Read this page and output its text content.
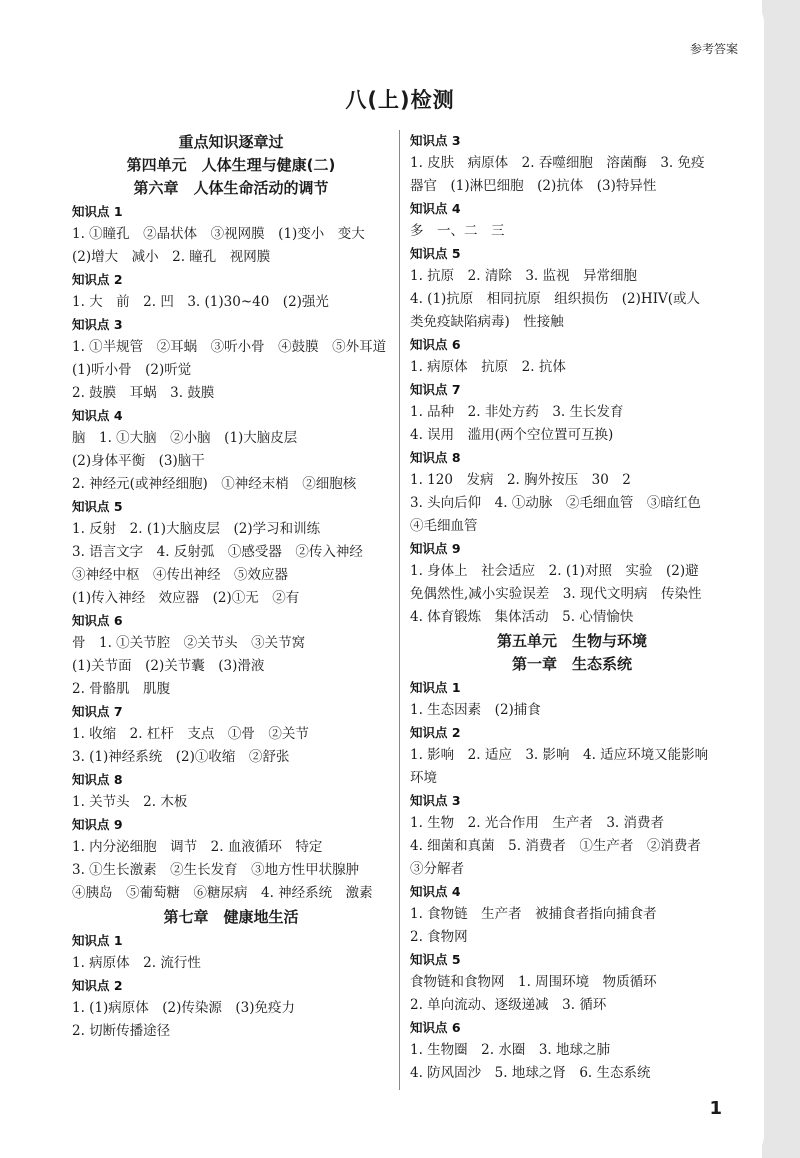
参考答案
八(上)检测
重点知识逐章过
第四单元　人体生理与健康(二)
第六章　人体生命活动的调节
知识点 1
1. ①瞳孔　②晶状体　③视网膜　(1)变小　变大
(2)增大　减小　2. 瞳孔　视网膜
知识点 2
1. 大　前　2. 凹　3. (1)30~40　(2)强光
知识点 3
1. ①半规管　②耳蜗　③听小骨　④鼓膜　⑤外耳道
(1)听小骨　(2)听觉
2. 鼓膜　耳蜗　3. 鼓膜
知识点 4
脑　1. ①大脑　②小脑　(1)大脑皮层
(2)身体平衡　(3)脑干
2. 神经元(或神经细胞)　①神经末梢　②细胞核
知识点 5
1. 反射　2. (1)大脑皮层　(2)学习和训练
3. 语言文字　4. 反射弧　①感受器　②传入神经
③神经中枢　④传出神经　⑤效应器
(1)传入神经　效应器　(2)①无　②有
知识点 6
骨　1. ①关节腔　②关节头　③关节窝
(1)关节面　(2)关节囊　(3)滑液
2. 骨骼肌　肌腹
知识点 7
1. 收缩　2. 杠杆　支点　①骨　②关节
3. (1)神经系统　(2)①收缩　②舒张
知识点 8
1. 关节头　2. 木板
知识点 9
1. 内分泌细胞　调节　2. 血液循环　特定
3. ①生长激素　②生长发育　③地方性甲状腺肿
④胰岛　⑤葡萄糖　⑥糖尿病　4. 神经系统　激素
第七章　健康地生活
知识点 1
1. 病原体　2. 流行性
知识点 2
1. (1)病原体　(2)传染源　(3)免疫力
2. 切断传播途径
知识点 3
1. 皮肤　病原体　2. 吞噬细胞　溶菌酶　3. 免疫
器官　(1)淋巴细胞　(2)抗体　(3)特异性
知识点 4
多　一、二　三
知识点 5
1. 抗原　2. 清除　3. 监视　异常细胞
4. (1)抗原　相同抗原　组织损伤　(2)HIV(或人
类免疫缺陷病毒)　性接触
知识点 6
1. 病原体　抗原　2. 抗体
知识点 7
1. 品种　2. 非处方药　3. 生长发育
4. 误用　滥用(两个空位置可互换)
知识点 8
1. 120　发病　2. 胸外按压　30　2
3. 头向后仰　4. ①动脉　②毛细血管　③暗红色
④毛细血管
知识点 9
1. 身体上　社会适应　2. (1)对照　实验　(2)避
免偶然性,减小实验误差　3. 现代文明病　传染性
4. 体育锻炼　集体活动　5. 心情愉快
第五单元　生物与环境
第一章　生态系统
知识点 1
1. 生态因素　(2)捕食
知识点 2
1. 影响　2. 适应　3. 影响　4. 适应环境又能影响
环境
知识点 3
1. 生物　2. 光合作用　生产者　3. 消费者
4. 细菌和真菌　5. 消费者　①生产者　②消费者
③分解者
知识点 4
1. 食物链　生产者　被捕食者指向捕食者
2. 食物网
知识点 5
食物链和食物网　1. 周围环境　物质循环
2. 单向流动、逐级递减　3. 循环
知识点 6
1. 生物圈　2. 水圈　3. 地球之肺
4. 防风固沙　5. 地球之肾　6. 生态系统
1
